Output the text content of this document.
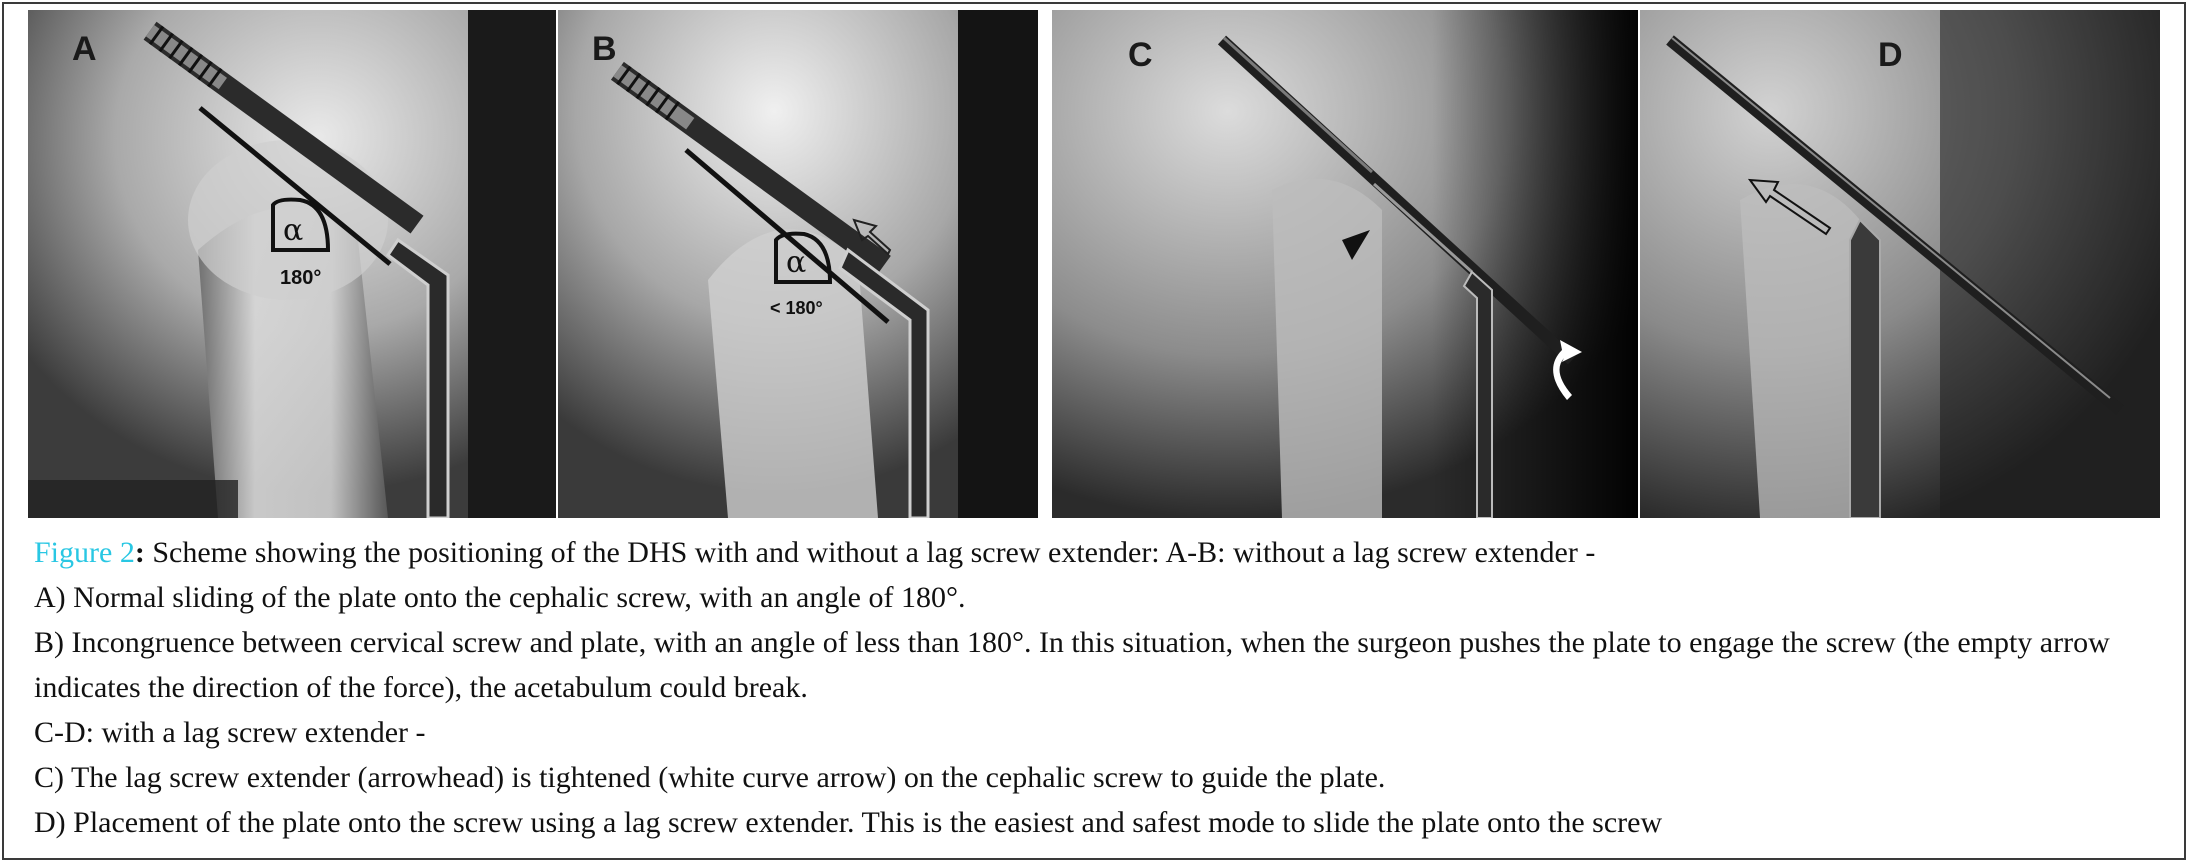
α
180°
A
α
< 180°
B	C	D
Figure 2: Scheme showing the positioning of the DHS with and without a lag screw extender: A-B: without a lag screw extender -
A) Normal sliding of the plate onto the cephalic screw, with an angle of 180°.
B) Incongruence between cervical screw and plate, with an angle of less than 180°. In this situation, when the surgeon pushes the plate to engage the screw (the empty arrow indicates the direction of the force), the acetabulum could break.
C-D: with a lag screw extender -
C) The lag screw extender (arrowhead) is tightened (white curve arrow) on the cephalic screw to guide the plate.
D) Placement of the plate onto the screw using a lag screw extender. This is the easiest and safest mode to slide the plate onto the screw
